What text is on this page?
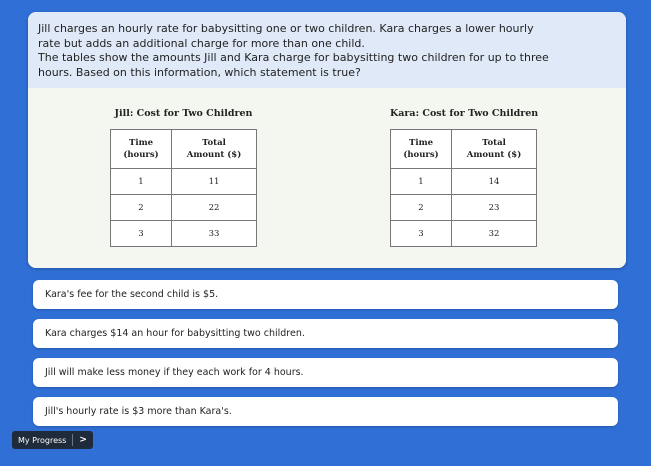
Jill charges an hourly rate for babysitting one or two children. Kara charges a lower hourly

rate but adds an additional charge for more than one child.

The tables show the amounts Jill and Kara charge for babysitting two children for up to three

hours. Based on this information, which statement is true?

Jill: Cost for Two Children
Time
(hours)	Total
Amount ($)
1	11
2	22
3	33
Kara: Cost for Two Children
Time
(hours)	Total
Amount ($)
1	14
2	23
3	32
Kara's fee for the second child is $5.
Kara charges $14 an hour for babysitting two children.
Jill will make less money if they each work for 4 hours.
Jill's hourly rate is $3 more than Kara's.
My Progress >
